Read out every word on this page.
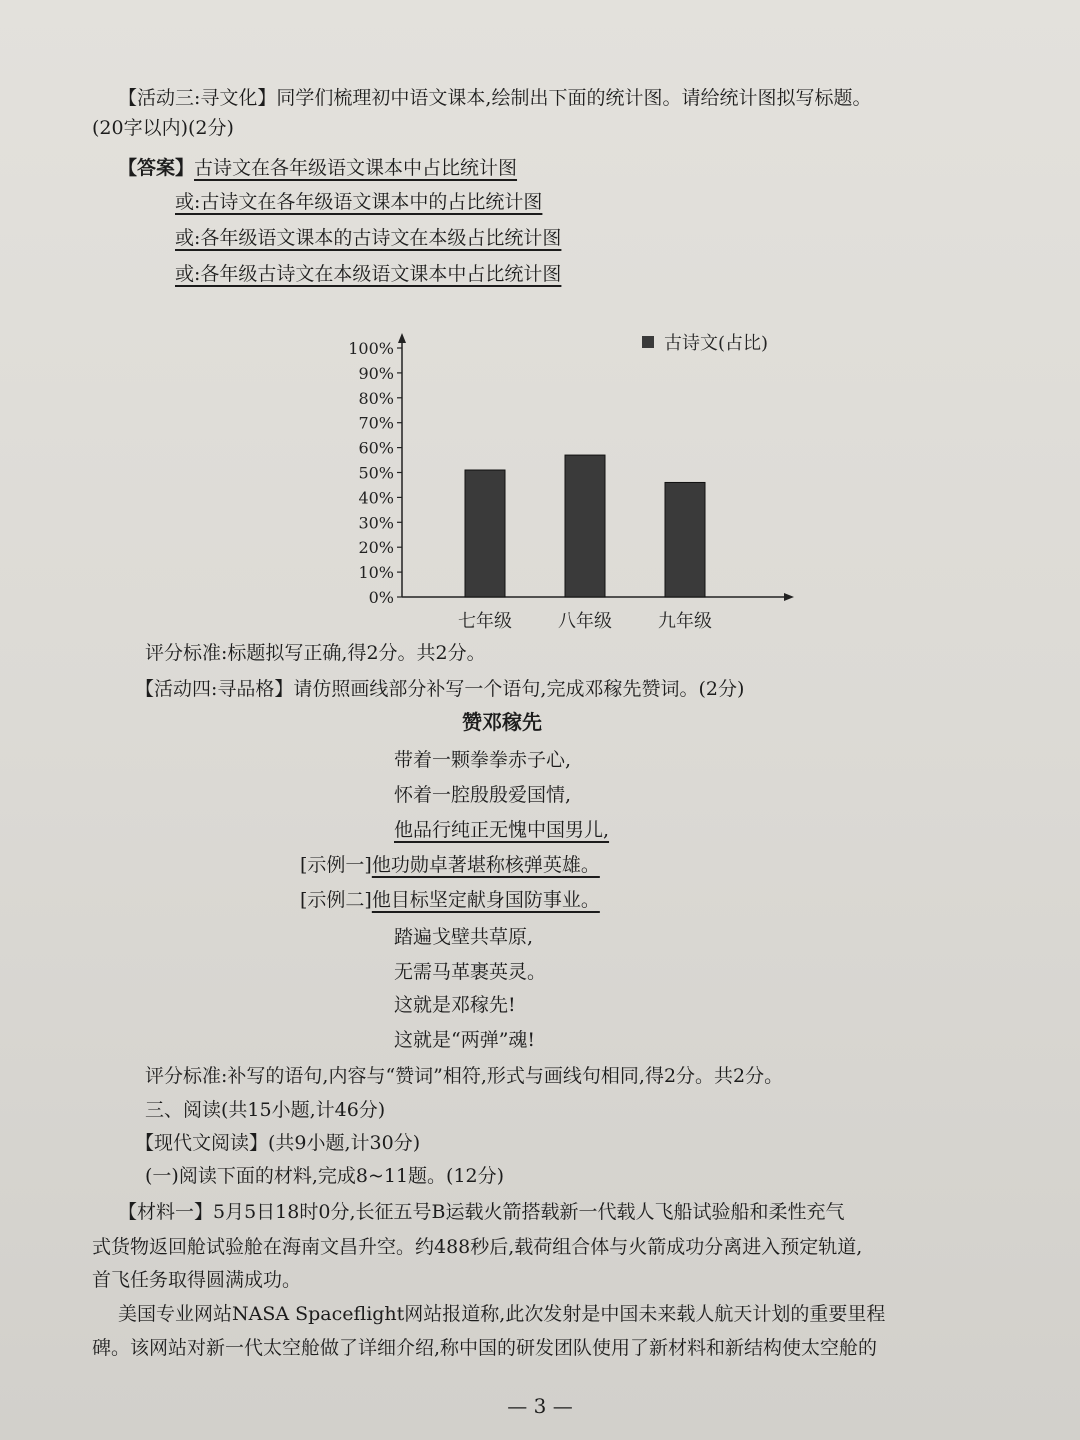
【活动三:寻文化】同学们梳理初中语文课本,绘制出下面的统计图。请给统计图拟写标题。
(20字以内)(2分)
【答案】古诗文在各年级语文课本中占比统计图
或:古诗文在各年级语文课本中的占比统计图
或:各年级语文课本的古诗文在本级占比统计图
或:各年级古诗文在本级语文课本中占比统计图
0%
10%
20%
30%
40%
50%
60%
70%
80%
90%
100%
七年级	八年级	九年级
古诗文(占比)
评分标准:标题拟写正确,得2分。共2分。
【活动四:寻品格】请仿照画线部分补写一个语句,完成邓稼先赞词。(2分)
赞邓稼先
带着一颗拳拳赤子心,
怀着一腔殷殷爱国情,
他品行纯正无愧中国男儿,
[示例一]他功勋卓著堪称核弹英雄。
[示例二]他目标坚定献身国防事业。
踏遍戈壁共草原,
无需马革裹英灵。
这就是邓稼先!
这就是“两弹”魂!
评分标准:补写的语句,内容与“赞词”相符,形式与画线句相同,得2分。共2分。
三、阅读(共15小题,计46分)
【现代文阅读】(共9小题,计30分)
(一)阅读下面的材料,完成8~11题。(12分)
【材料一】5月5日18时0分,长征五号B运载火箭搭载新一代载人飞船试验船和柔性充气
式货物返回舱试验舱在海南文昌升空。约488秒后,载荷组合体与火箭成功分离进入预定轨道,
首飞任务取得圆满成功。
美国专业网站NASA Spaceflight网站报道称,此次发射是中国未来载人航天计划的重要里程
碑。该网站对新一代太空舱做了详细介绍,称中国的研发团队使用了新材料和新结构使太空舱的
— 3 —
